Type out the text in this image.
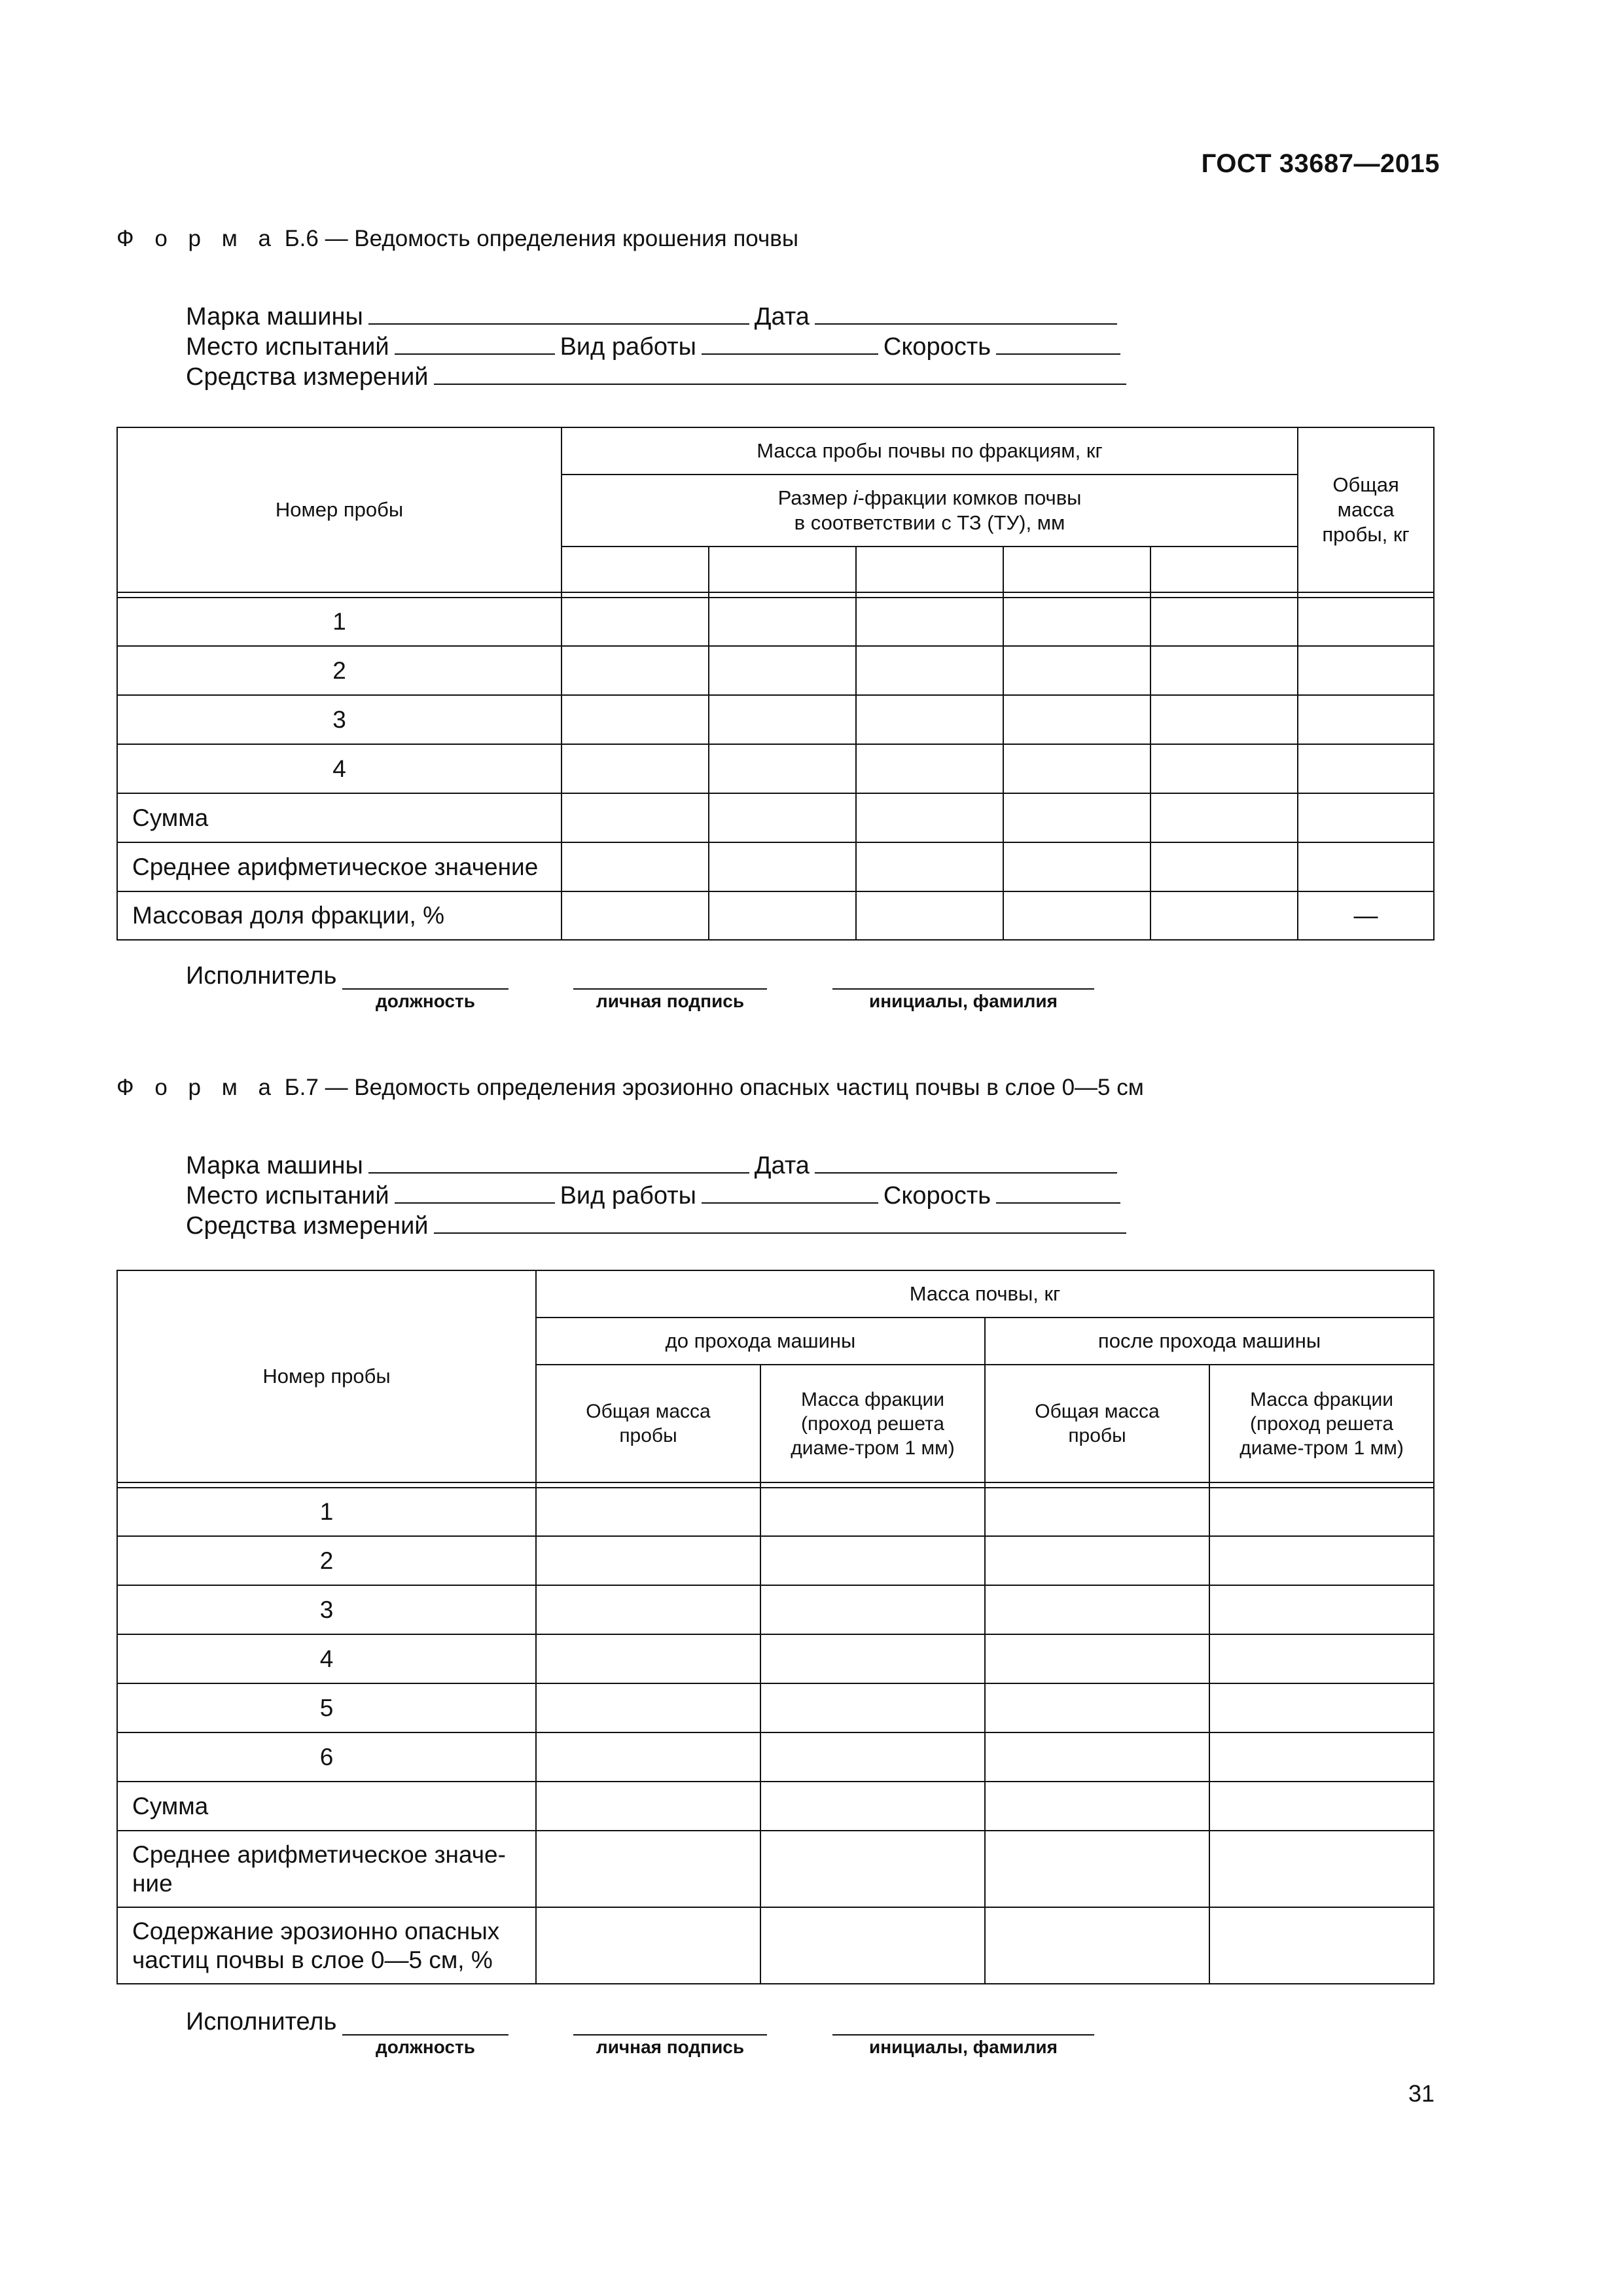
ГОСТ 33687—2015
Ф о р м а Б.6 — Ведомость определения крошения почвы
Марка машины	Дата
Место испытаний	Вид работы	Скорость
Средства измерений
Номер пробы	Масса пробы почвы по фракциям, кг					Общая масса пробы, кг
	Размер i-фракции комков почвы
в соответствии с ТЗ (ТУ), мм					

1						
2						
3						
4						
Сумма						
Среднее арифметическое значение						
Массовая доля фракции, %						—
Исполнитель
должность	личная подпись	инициалы, фамилия
Ф о р м а Б.7 — Ведомость определения эрозионно опасных частиц почвы в слое 0—5 см
Марка машины	Дата
Место испытаний	Вид работы	Скорость
Средства измерений
Номер пробы	Масса почвы, кг			
	до прохода машины		после прохода машины	
	Общая масса пробы	Масса фракции (проход решета диаме-тром 1 мм)	Общая масса пробы	Масса фракции (проход решета диаме-тром 1 мм)

1				
2				
3				
4				
5				
6				
Сумма				
Среднее арифметическое значе-ние				
Содержание эрозионно опасных частиц почвы в слое 0—5 см, %				
Исполнитель
должность	личная подпись	инициалы, фамилия
31
